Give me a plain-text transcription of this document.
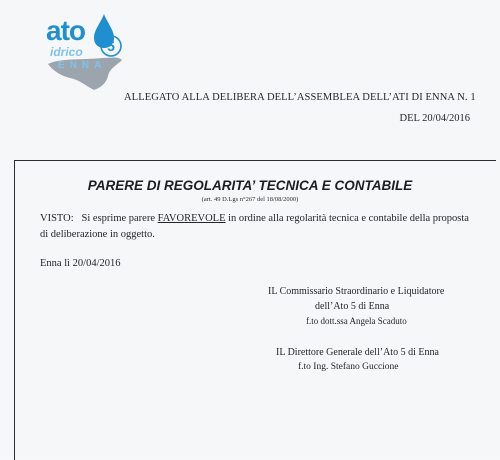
5
ato
idrico
ENNA
ALLEGATO ALLA DELIBERA DELL’ASSEMBLEA DELL’ATI DI ENNA N. 1
DEL 20/04/2016
PARERE DI REGOLARITA’ TECNICA E CONTABILE
(art. 49 D.Lgs n°267 del 18/08/2000)
VISTO: Si esprime parere FAVOREVOLE in ordine alla regolarità tecnica e contabile della proposta di deliberazione in oggetto.
Enna lì 20/04/2016
IL Commissario Straordinario e Liquidatore
dell’Ato 5 di Enna
f.to dott.ssa Angela Scaduto
IL Direttore Generale dell’Ato 5 di Enna
f.to Ing. Stefano Guccione
